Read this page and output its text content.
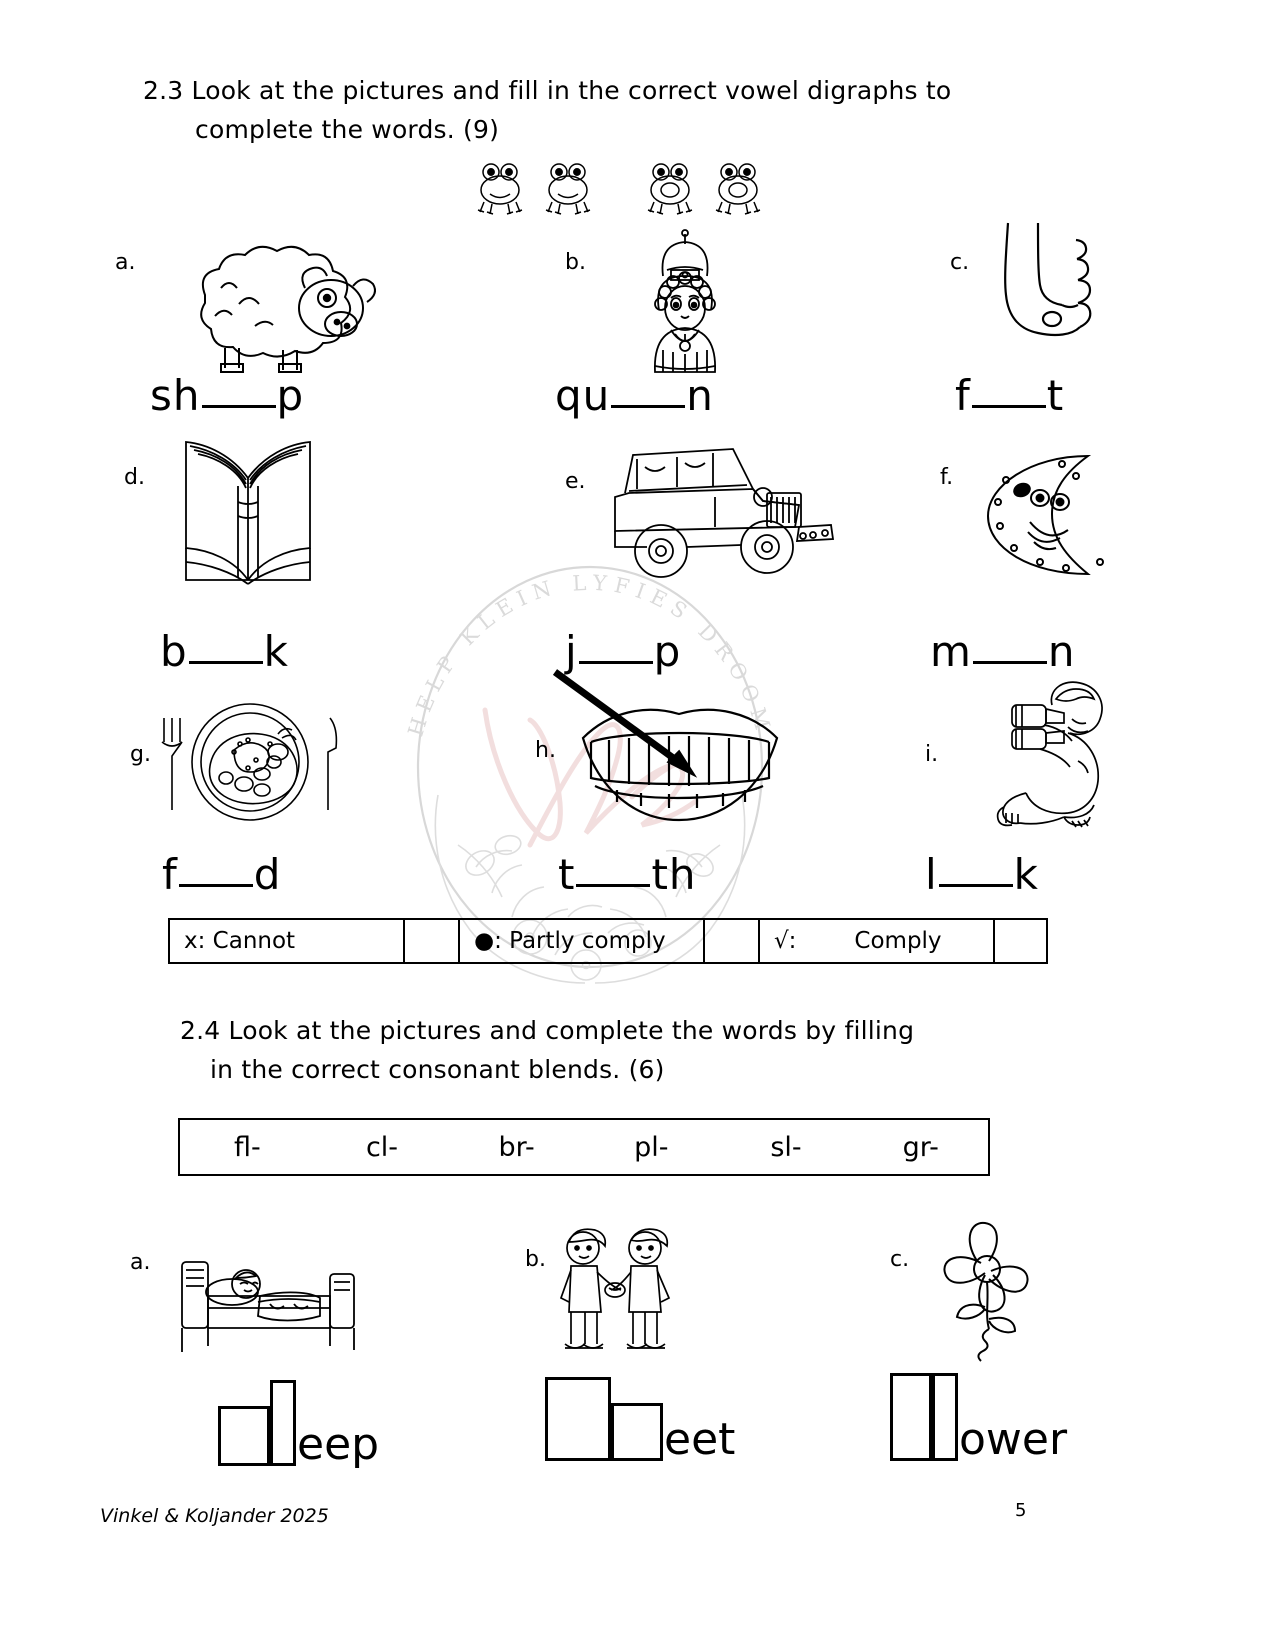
HELP KLEIN LYFIES DROOM
2.3 Look at the pictures and fill in the correct vowel digraphs to
complete the words. (9)
a.
sh p
b.
qu n
c.
f t
d.
b k
e.
j p
f.
m n
g.
f d
h.
t th
i.
l k
x: Cannot	●: Partly comply	√:	Comply
2.4 Look at the pictures and complete the words by filling
in the correct consonant blends. (6)
fl-	cl-	br-	pl-	sl-	gr-
a.
eep
b.
eet
c.
ower
Vinkel & Koljander 2025	5
